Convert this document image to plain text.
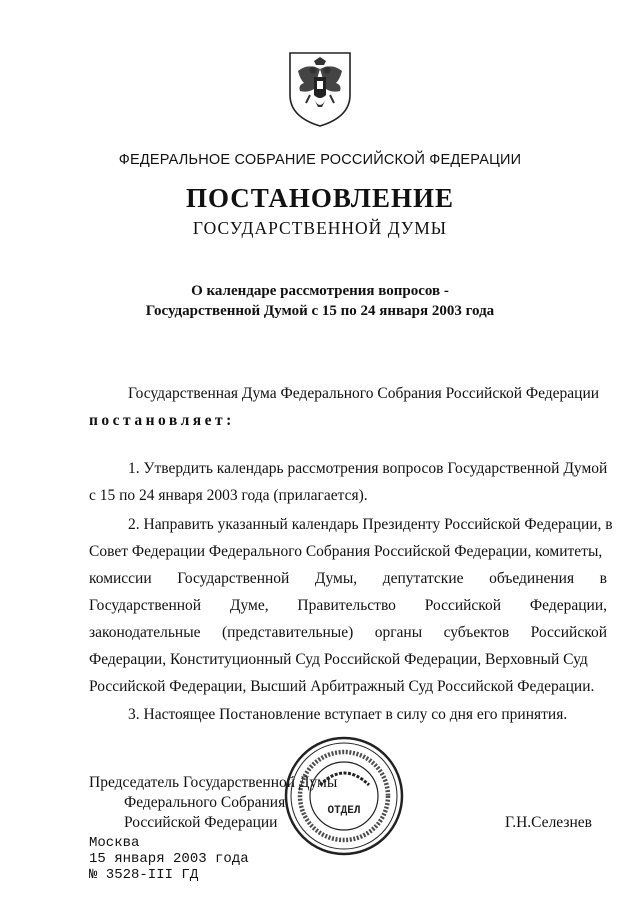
ФЕДЕРАЛЬНОЕ СОБРАНИЕ РОССИЙСКОЙ ФЕДЕРАЦИИ
ПОСТАНОВЛЕНИЕ
ГОСУДАРСТВЕННОЙ ДУМЫ
О календаре рассмотрения вопросов -
Государственной Думой с 15 по 24 января 2003 года
Государственная Дума Федерального Собрания Российской Федерации
постановляет:
1. Утвердить календарь рассмотрения вопросов Государственной Думой
с 15 по 24 января 2003 года (прилагается).
2. Направить указанный календарь Президенту Российской Федерации, в
Совет Федерации Федерального Собрания Российской Федерации, комитеты,
комиссии Государственной Думы, депутатские объединения в
Государственной Думе, Правительство Российской Федерации,
законодательные (представительные) органы субъектов Российской
Федерации, Конституционный Суд Российской Федерации, Верховный Суд
Российской Федерации, Высший Арбитражный Суд Российской Федерации.
3. Настоящее Постановление вступает в силу со дня его принятия.
Председатель Государственной Думы
Федерального Собрания
Российской Федерации	Г.Н.Селезнев
ОТДЕЛ
Москва
15 января 2003 года
№ 3528-III ГД
